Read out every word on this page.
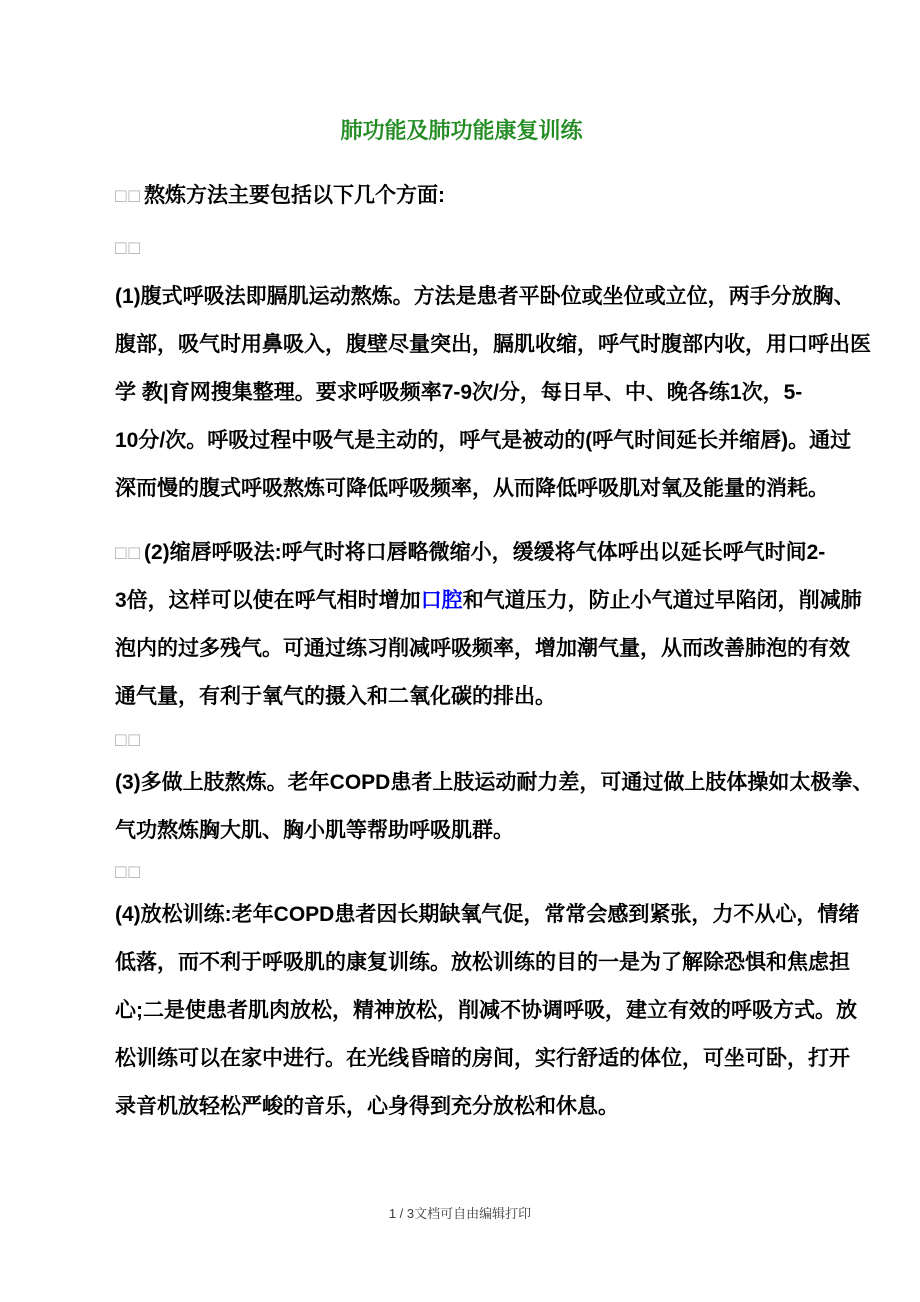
肺功能及肺功能康复训练
□□熬炼方法主要包括以下几个方面:
□□
(1)腹式呼吸法即膈肌运动熬炼。方法是患者平卧位或坐位或立位，两手分放胸、
腹部，吸气时用鼻吸入，腹壁尽量突出，膈肌收缩，呼气时腹部内收，用口呼出医
学 教|育网搜集整理。要求呼吸频率7-9次/分，每日早、中、晚各练1次，5-
10分/次。呼吸过程中吸气是主动的，呼气是被动的(呼气时间延长并缩唇)。通过
深而慢的腹式呼吸熬炼可降低呼吸频率，从而降低呼吸肌对氧及能量的消耗。
□□(2)缩唇呼吸法:呼气时将口唇略微缩小，缓缓将气体呼出以延长呼气时间2-
3倍，这样可以使在呼气相时增加口腔和气道压力，防止小气道过早陷闭，削减肺
泡内的过多残气。可通过练习削减呼吸频率，增加潮气量，从而改善肺泡的有效
通气量，有利于氧气的摄入和二氧化碳的排出。
□□
(3)多做上肢熬炼。老年COPD患者上肢运动耐力差，可通过做上肢体操如太极拳、
气功熬炼胸大肌、胸小肌等帮助呼吸肌群。
□□
(4)放松训练:老年COPD患者因长期缺氧气促，常常会感到紧张，力不从心，情绪
低落，而不利于呼吸肌的康复训练。放松训练的目的一是为了解除恐惧和焦虑担
心;二是使患者肌肉放松，精神放松，削减不协调呼吸，建立有效的呼吸方式。放
松训练可以在家中进行。在光线昏暗的房间，实行舒适的体位，可坐可卧，打开
录音机放轻松严峻的音乐，心身得到充分放松和休息。
1 / 3文档可自由编辑打印
